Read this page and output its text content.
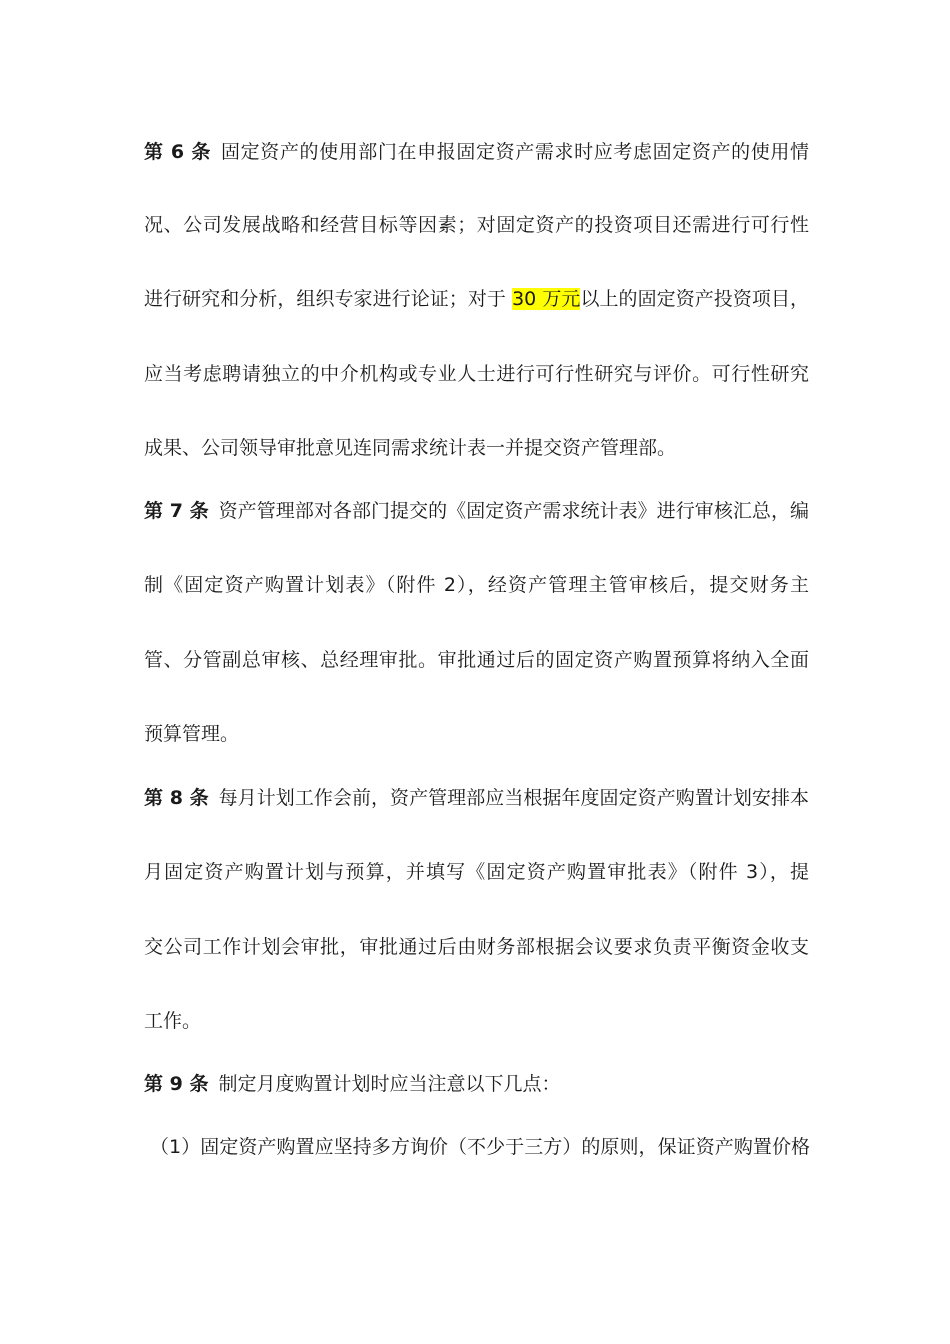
第 6 条 固定资产的使用部门在申报固定资产需求时应考虑固定资产的使用情
况、公司发展战略和经营目标等因素；对固定资产的投资项目还需进行可行性
进行研究和分析，组织专家进行论证；对于 30 万元以上的固定资产投资项目，
应当考虑聘请独立的中介机构或专业人士进行可行性研究与评价。可行性研究
成果、公司领导审批意见连同需求统计表一并提交资产管理部。
第 7 条 资产管理部对各部门提交的《固定资产需求统计表》进行审核汇总，编
制《固定资产购置计划表》（附件 2），经资产管理主管审核后，提交财务主
管、分管副总审核、总经理审批。审批通过后的固定资产购置预算将纳入全面
预算管理。
第 8 条 每月计划工作会前，资产管理部应当根据年度固定资产购置计划安排本
月固定资产购置计划与预算，并填写《固定资产购置审批表》（附件 3），提
交公司工作计划会审批，审批通过后由财务部根据会议要求负责平衡资金收支
工作。
第 9 条 制定月度购置计划时应当注意以下几点：
（1）固定资产购置应坚持多方询价（不少于三方）的原则，保证资产购置价格
